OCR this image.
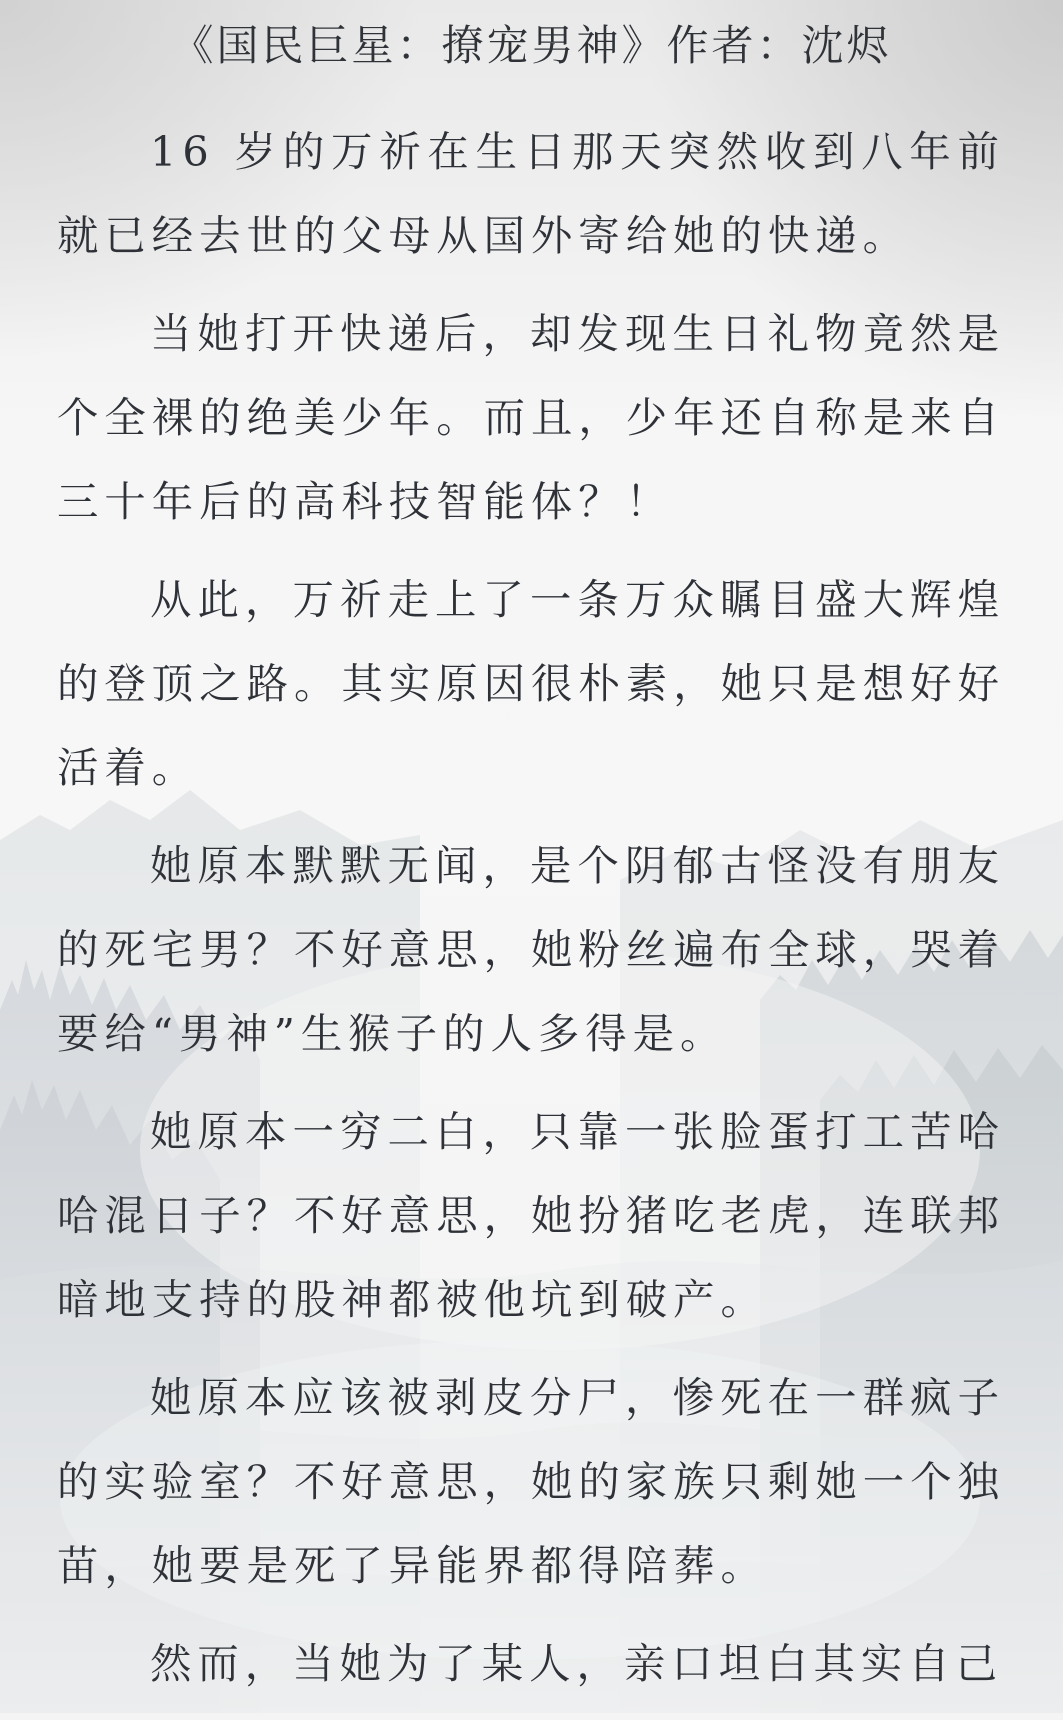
《国民巨星：撩宠男神》作者：沈烬

16 岁的万祈在生日那天突然收到八年前就已经去世的父母从国外寄给她的快递。

当她打开快递后，却发现生日礼物竟然是个全裸的绝美少年。而且，少年还自称是来自三十年后的高科技智能体？！

从此，万祈走上了一条万众瞩目盛大辉煌的登顶之路。其实原因很朴素，她只是想好好活着。

她原本默默无闻，是个阴郁古怪没有朋友的死宅男？不好意思，她粉丝遍布全球，哭着要给“男神”生猴子的人多得是。

她原本一穷二白，只靠一张脸蛋打工苦哈哈混日子？不好意思，她扮猪吃老虎，连联邦暗地支持的股神都被他坑到破产。

她原本应该被剥皮分尸，惨死在一群疯子的实验室？不好意思，她的家族只剩她一个独苗，她要是死了异能界都得陪葬。

然而，当她为了某人，亲口坦白其实自己
